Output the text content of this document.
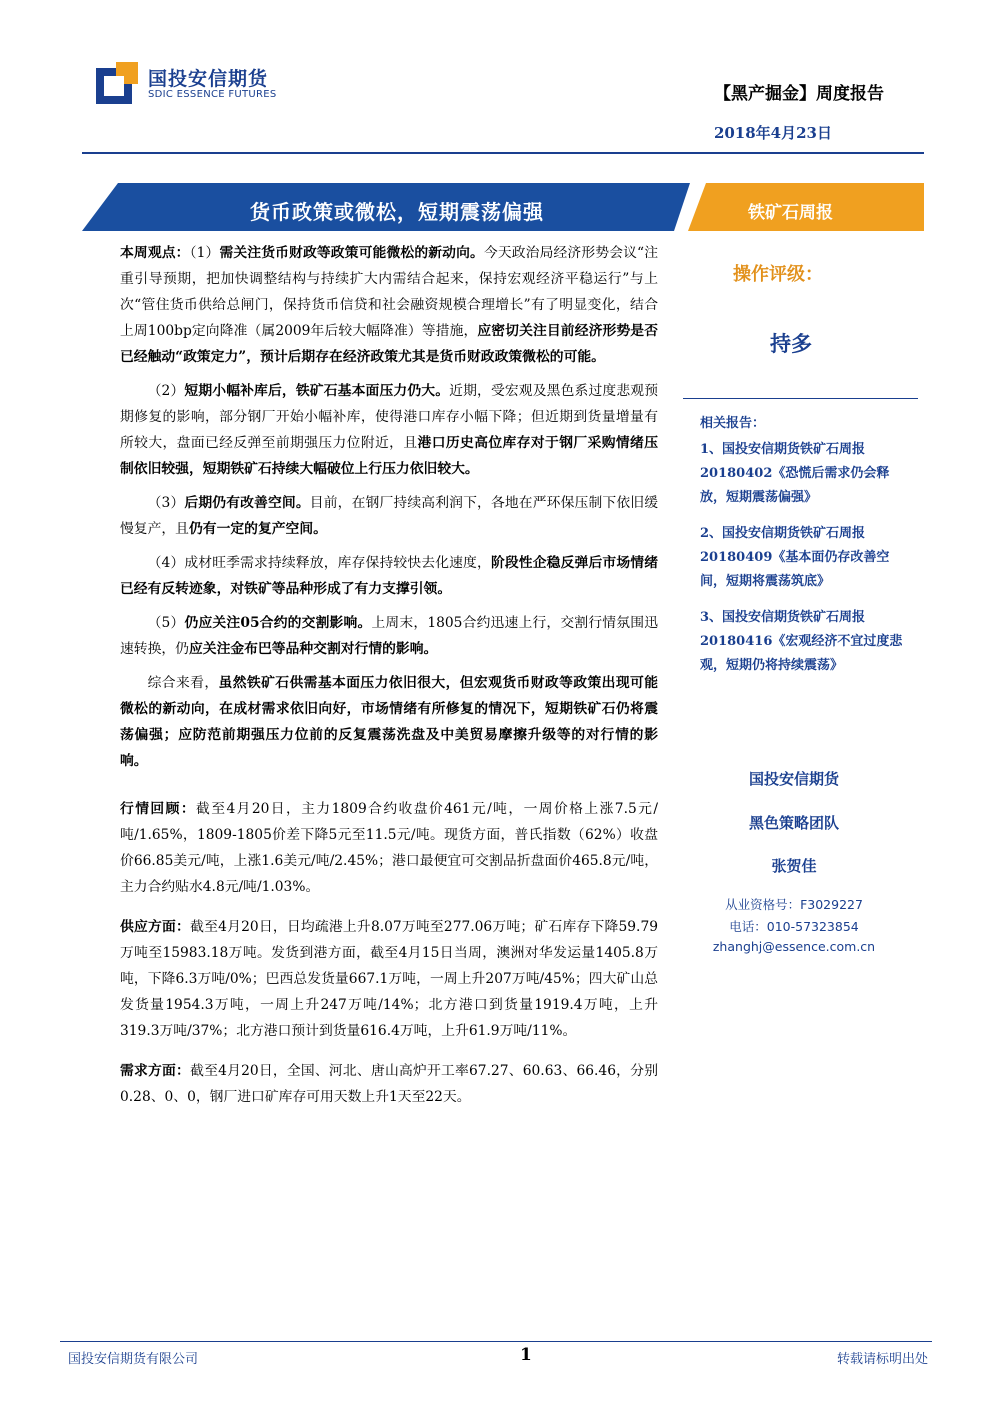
国投安信期货
SDIC ESSENCE FUTURES	【黑产掘金】周度报告
2018年4月23日
货币政策或微松，短期震荡偏强	铁矿石周报

本周观点：（1）需关注货币财政等政策可能微松的新动向。今天政治局经济形势会议“注重引导预期，把加快调整结构与持续扩大内需结合起来，保持宏观经济平稳运行”与上次“管住货币供给总闸门，保持货币信贷和社会融资规模合理增长”有了明显变化，结合上周100bp定向降准（属2009年后较大幅降准）等措施，应密切关注目前经济形势是否已经触动“政策定力”，预计后期存在经济政策尤其是货币财政政策微松的可能。

（2）短期小幅补库后，铁矿石基本面压力仍大。近期，受宏观及黑色系过度悲观预期修复的影响，部分钢厂开始小幅补库，使得港口库存小幅下降；但近期到货量增量有所较大，盘面已经反弹至前期强压力位附近，且港口历史高位库存对于钢厂采购情绪压制依旧较强，短期铁矿石持续大幅破位上行压力依旧较大。

（3）后期仍有改善空间。目前，在钢厂持续高利润下，各地在严环保压制下依旧缓慢复产，且仍有一定的复产空间。

（4）成材旺季需求持续释放，库存保持较快去化速度，阶段性企稳反弹后市场情绪已经有反转迹象，对铁矿等品种形成了有力支撑引领。

（5）仍应关注05合约的交割影响。上周末，1805合约迅速上行，交割行情氛围迅速转换，仍应关注金布巴等品种交割对行情的影响。

综合来看，虽然铁矿石供需基本面压力依旧很大，但宏观货币财政等政策出现可能微松的新动向，在成材需求依旧向好，市场情绪有所修复的情况下，短期铁矿石仍将震荡偏强；应防范前期强压力位前的反复震荡洗盘及中美贸易摩擦升级等的对行情的影响。

行情回顾：截至4月20日，主力1809合约收盘价461元/吨，一周价格上涨7.5元/吨/1.65%，1809-1805价差下降5元至11.5元/吨。现货方面，普氏指数（62%）收盘价66.85美元/吨，上涨1.6美元/吨/2.45%；港口最便宜可交割品折盘面价465.8元/吨，主力合约贴水4.8元/吨/1.03%。

供应方面：截至4月20日，日均疏港上升8.07万吨至277.06万吨；矿石库存下降59.79万吨至15983.18万吨。发货到港方面，截至4月15日当周，澳洲对华发运量1405.8万吨，下降6.3万吨/0%；巴西总发货量667.1万吨，一周上升207万吨/45%；四大矿山总发货量1954.3万吨，一周上升247万吨/14%；北方港口到货量1919.4万吨，上升319.3万吨/37%；北方港口预计到货量616.4万吨，上升61.9万吨/11%。

需求方面：截至4月20日，全国、河北、唐山高炉开工率67.27、60.63、66.46，分别0.28、0、0，钢厂进口矿库存可用天数上升1天至22天。

操作评级：
持多
相关报告：
1、国投安信期货铁矿石周报20180402《恐慌后需求仍会释放，短期震荡偏强》
2、国投安信期货铁矿石周报20180409《基本面仍存改善空间，短期将震荡筑底》
3、国投安信期货铁矿石周报20180416《宏观经济不宜过度悲观，短期仍将持续震荡》
国投安信期货
黑色策略团队
张贺佳
从业资格号：F3029227
电话：010-57323854
zhanghj@essence.com.cn
国投安信期货有限公司	1	转载请标明出处
